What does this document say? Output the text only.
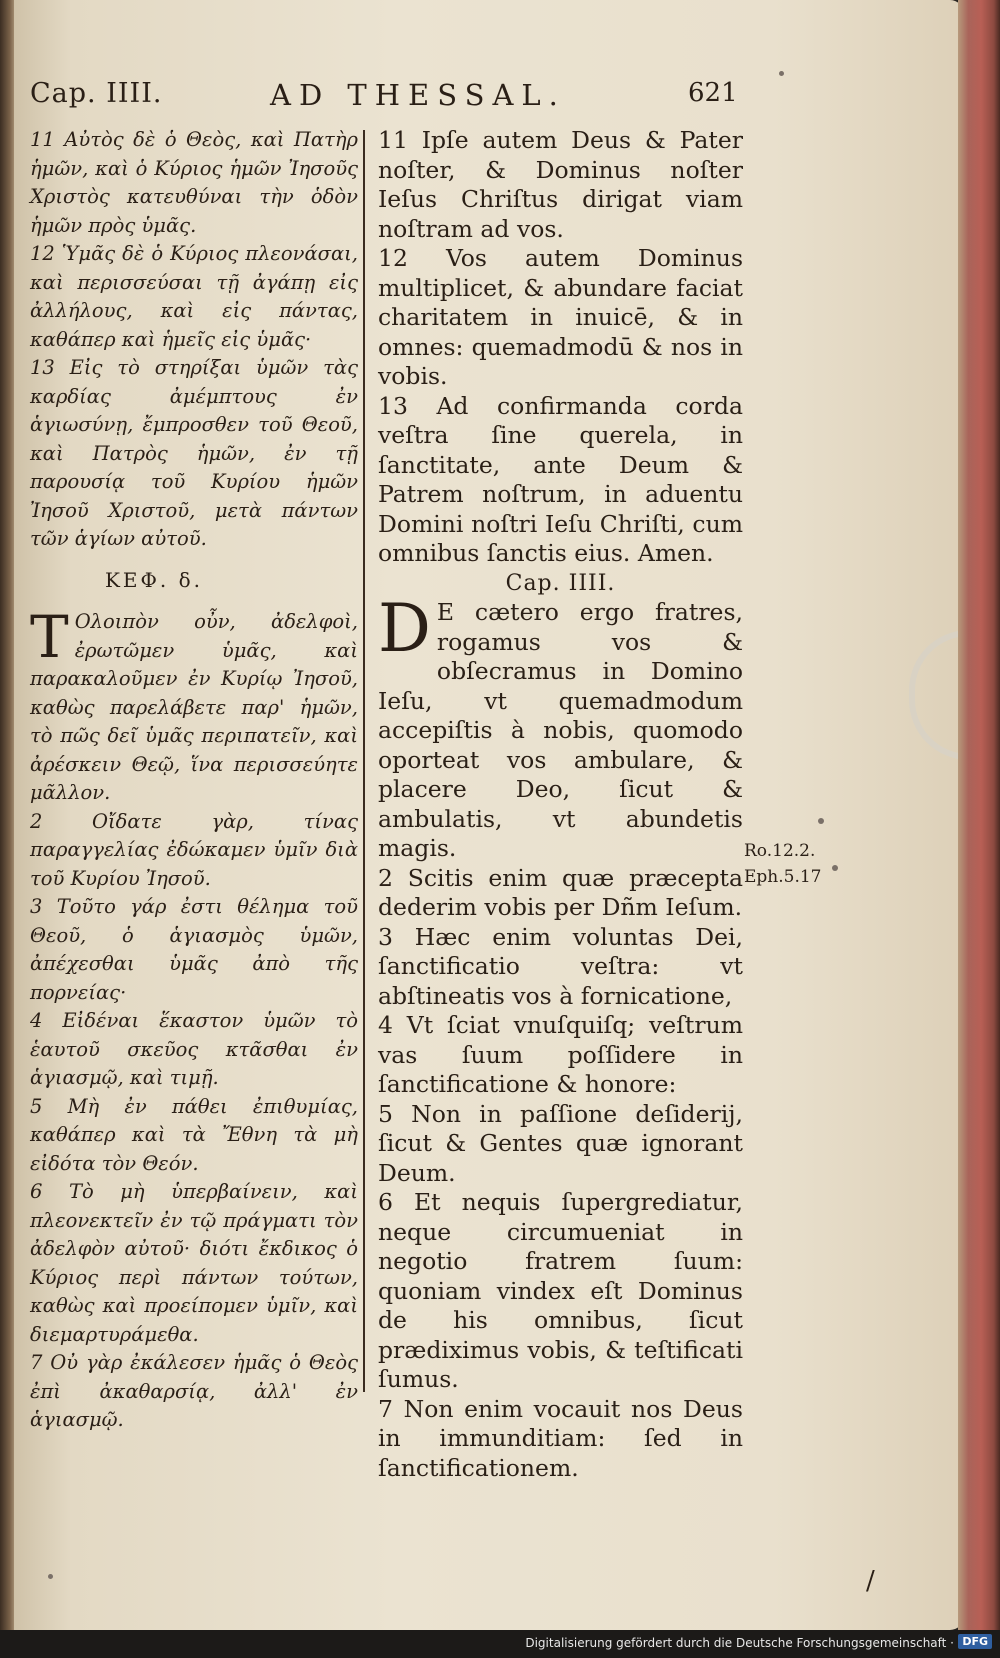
Cap. IIII.	AD THESSAL.	621

11 Αὐτὸς δὲ ὁ Θεὸς, καὶ Πατὴρ ἡμῶν, καὶ ὁ Κύριος ἡμῶν Ἰησοῦς Χριστὸς κατευθύναι τὴν ὁδὸν ἡμῶν πρὸς ὑμᾶς.

12 Ὑμᾶς δὲ ὁ Κύριος πλεονάσαι, καὶ περισσεύσαι τῇ ἀγάπῃ εἰς ἀλλήλους, καὶ εἰς πάντας, καθάπερ καὶ ἡμεῖς εἰς ὑμᾶς·

13 Εἰς τὸ στηρίξαι ὑμῶν τὰς καρδίας ἀμέμπτους ἐν ἁγιωσύνῃ, ἔμπροσθεν τοῦ Θεοῦ, καὶ Πατρὸς ἡμῶν, ἐν τῇ παρουσίᾳ τοῦ Κυρίου ἡμῶν Ἰησοῦ Χριστοῦ, μετὰ πάντων τῶν ἁγίων αὐτοῦ.

ΚΕΦ. δ.

Τ Ολοιπὸν οὖν, ἀδελφοὶ, ἐρωτῶμεν ὑμᾶς, καὶ παρακαλοῦμεν ἐν Κυρίῳ Ἰησοῦ, καθὼς παρελάβετε παρ' ἡμῶν, τὸ πῶς δεῖ ὑμᾶς περιπατεῖν, καὶ ἀρέσκειν Θεῷ, ἵνα περισσεύητε μᾶλλον.

2 Οἴδατε γὰρ, τίνας παραγγελίας ἐδώκαμεν ὑμῖν διὰ τοῦ Κυρίου Ἰησοῦ.

3 Τοῦτο γάρ ἐστι θέλημα τοῦ Θεοῦ, ὁ ἁγιασμὸς ὑμῶν, ἀπέχεσθαι ὑμᾶς ἀπὸ τῆς πορνείας·

4 Εἰδέναι ἕκαστον ὑμῶν τὸ ἑαυτοῦ σκεῦος κτᾶσθαι ἐν ἁγιασμῷ, καὶ τιμῇ.

5 Μὴ ἐν πάθει ἐπιθυμίας, καθάπερ καὶ τὰ Ἔθνη τὰ μὴ εἰδότα τὸν Θεόν.

6 Τὸ μὴ ὑπερβαίνειν, καὶ πλεονεκτεῖν ἐν τῷ πράγματι τὸν ἀδελφὸν αὐτοῦ· διότι ἔκδικος ὁ Κύριος περὶ πάντων τούτων, καθὼς καὶ προείπομεν ὑμῖν, καὶ διεμαρτυράμεθα.

7 Οὐ γὰρ ἐκάλεσεν ἡμᾶς ὁ Θεὸς ἐπὶ ἀκαθαρσίᾳ, ἀλλ' ἐν ἁγιασμῷ.

11 Ipſe autem Deus & Pater noſter, & Dominus noſter Ieſus Chriſtus dirigat viam noſtram ad vos.

12 Vos autem Dominus multiplicet, & abundare faciat charitatem in inuicē, & in omnes: quemadmodū & nos in vobis.

13 Ad confirmanda corda veſtra ſine querela, in ſanctitate, ante Deum & Patrem noſtrum, in aduentu Domini noſtri Ieſu Chriſti, cum omnibus ſanctis eius. Amen.

Cap. IIII.

D E cætero ergo fratres, rogamus vos & obſecramus in Domino Ieſu, vt quemadmodum accepiſtis à nobis, quomodo oporteat vos ambulare, & placere Deo, ſicut & ambulatis, vt abundetis magis.

2 Scitis enim quæ præcepta dederim vobis per Dñm Ieſum.

3 Hæc enim voluntas Dei, ſanctificatio veſtra: vt abſtineatis vos à fornicatione,

4 Vt ſciat vnuſquiſq; veſtrum vas ſuum poſſidere in ſanctificatione & honore:

5 Non in paſſione deſiderij, ſicut & Gentes quæ ignorant Deum.

6 Et nequis ſupergrediatur, neque circumueniat in negotio fratrem ſuum: quoniam vindex eſt Dominus de his omnibus, ſicut prædiximus vobis, & teſtificati ſumus.

7 Non enim vocauit nos Deus in immunditiam: ſed in ſanctificationem.

Ro.12.2.
Eph.5.17
/
Digitalisierung gefördert durch die Deutsche Forschungsgemeinschaft · DFG
